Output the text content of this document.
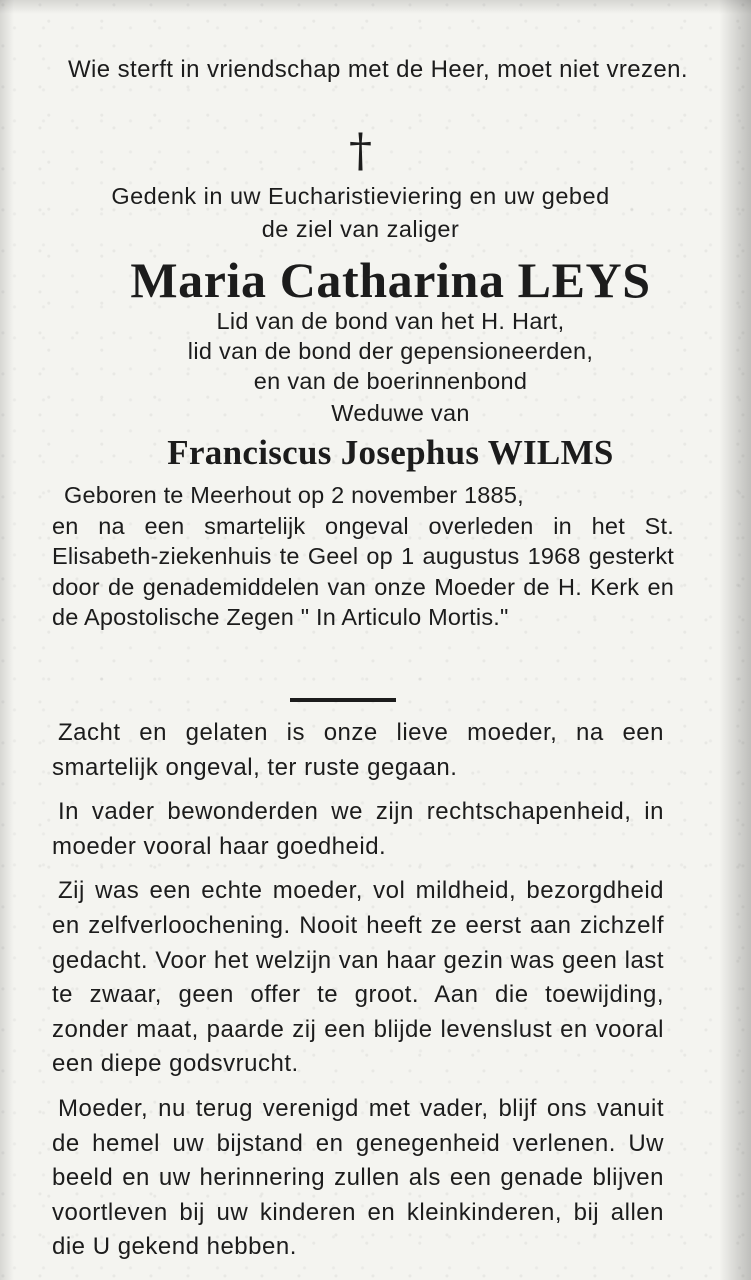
Wie sterft in vriendschap met de Heer, moet niet vrezen.
†
Gedenk in uw Eucharistieviering en uw gebed
de ziel van zaliger
Maria Catharina LEYS
Lid van de bond van het H. Hart,
lid van de bond der gepensioneerden,
en van de boerinnenbond
Weduwe van
Franciscus Josephus WILMS
Geboren te Meerhout op 2 november 1885,
en na een smartelijk ongeval overleden in het St. Elisabeth-ziekenhuis te Geel op 1 augustus 1968 gesterkt door de genademiddelen van onze Moeder de H. Kerk en de Apostolische Zegen " In Articulo Mortis."

Zacht en gelaten is onze lieve moeder, na een smartelijk ongeval, ter ruste gegaan.

In vader bewonderden we zijn rechtschapenheid, in moeder vooral haar goedheid.

Zij was een echte moeder, vol mildheid, bezorgdheid en zelfverloochening. Nooit heeft ze eerst aan zichzelf gedacht. Voor het welzijn van haar gezin was geen last te zwaar, geen offer te groot. Aan die toewijding, zonder maat, paarde zij een blijde levenslust en vooral een diepe godsvrucht.

Moeder, nu terug verenigd met vader, blijf ons vanuit de hemel uw bijstand en genegenheid verlenen. Uw beeld en uw herinnering zullen als een genade blijven voortleven bij uw kinderen en kleinkinderen, bij allen die U gekend hebben.
